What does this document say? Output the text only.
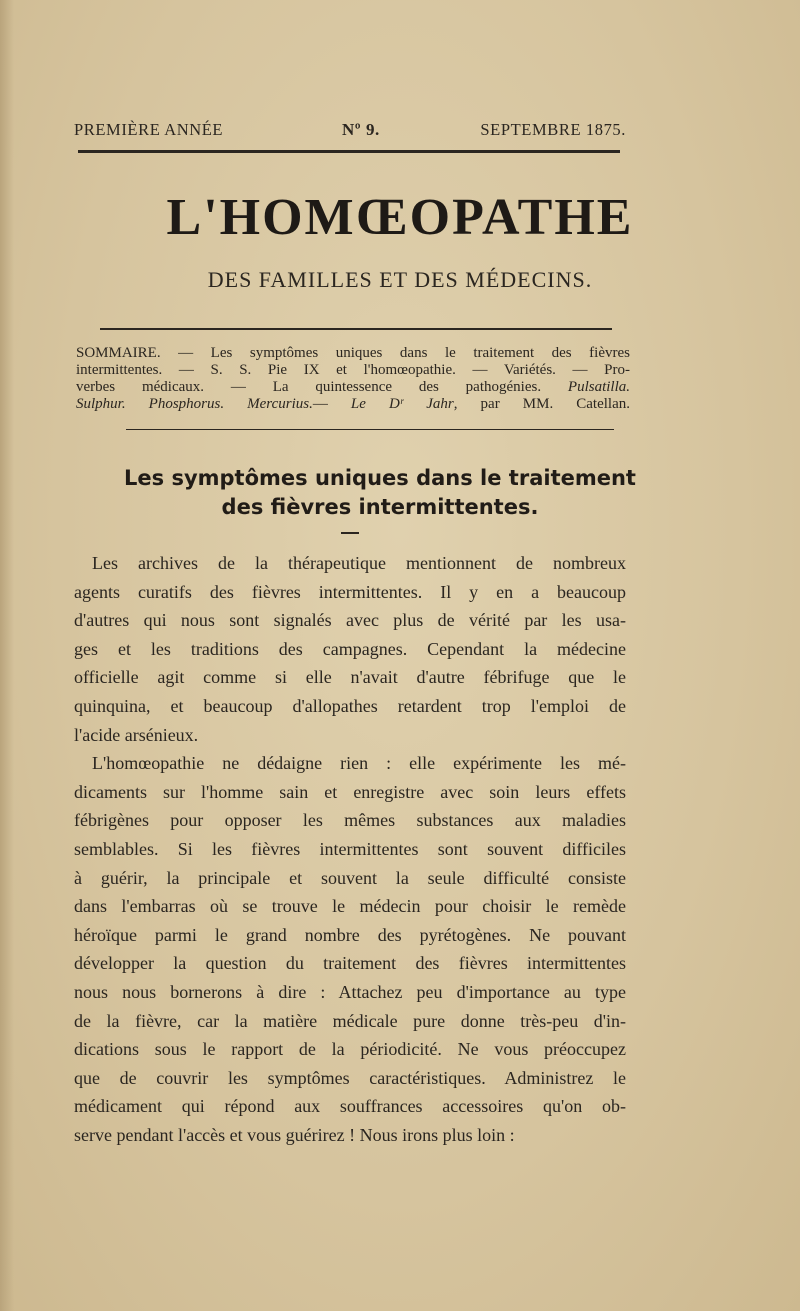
PREMIÈRE ANNÉE	Nº 9.	SEPTEMBRE 1875.
L'HOMŒOPATHE
DES FAMILLES ET DES MÉDECINS.
SOMMAIRE. — Les symptômes uniques dans le traitement des fièvres
intermittentes. — S. S. Pie IX et l'homœopathie. — Variétés. — Pro-
verbes médicaux. — La quintessence des pathogénies. Pulsatilla.
Sulphur. Phosphorus. Mercurius.— Le Dʳ Jahr, par MM. Catellan.
Les symptômes uniques dans le traitement
des fièvres intermittentes.
Les archives de la thérapeutique mentionnent de nombreux
agents curatifs des fièvres intermittentes. Il y en a beaucoup
d'autres qui nous sont signalés avec plus de vérité par les usa-
ges et les traditions des campagnes. Cependant la médecine
officielle agit comme si elle n'avait d'autre fébrifuge que le
quinquina, et beaucoup d'allopathes retardent trop l'emploi de
l'acide arsénieux.
L'homœopathie ne dédaigne rien : elle expérimente les mé-
dicaments sur l'homme sain et enregistre avec soin leurs effets
fébrigènes pour opposer les mêmes substances aux maladies
semblables. Si les fièvres intermittentes sont souvent difficiles
à guérir, la principale et souvent la seule difficulté consiste
dans l'embarras où se trouve le médecin pour choisir le remède
héroïque parmi le grand nombre des pyrétogènes. Ne pouvant
développer la question du traitement des fièvres intermittentes
nous nous bornerons à dire : Attachez peu d'importance au type
de la fièvre, car la matière médicale pure donne très-peu d'in-
dications sous le rapport de la périodicité. Ne vous préoccupez
que de couvrir les symptômes caractéristiques. Administrez le
médicament qui répond aux souffrances accessoires qu'on ob-
serve pendant l'accès et vous guérirez ! Nous irons plus loin :
